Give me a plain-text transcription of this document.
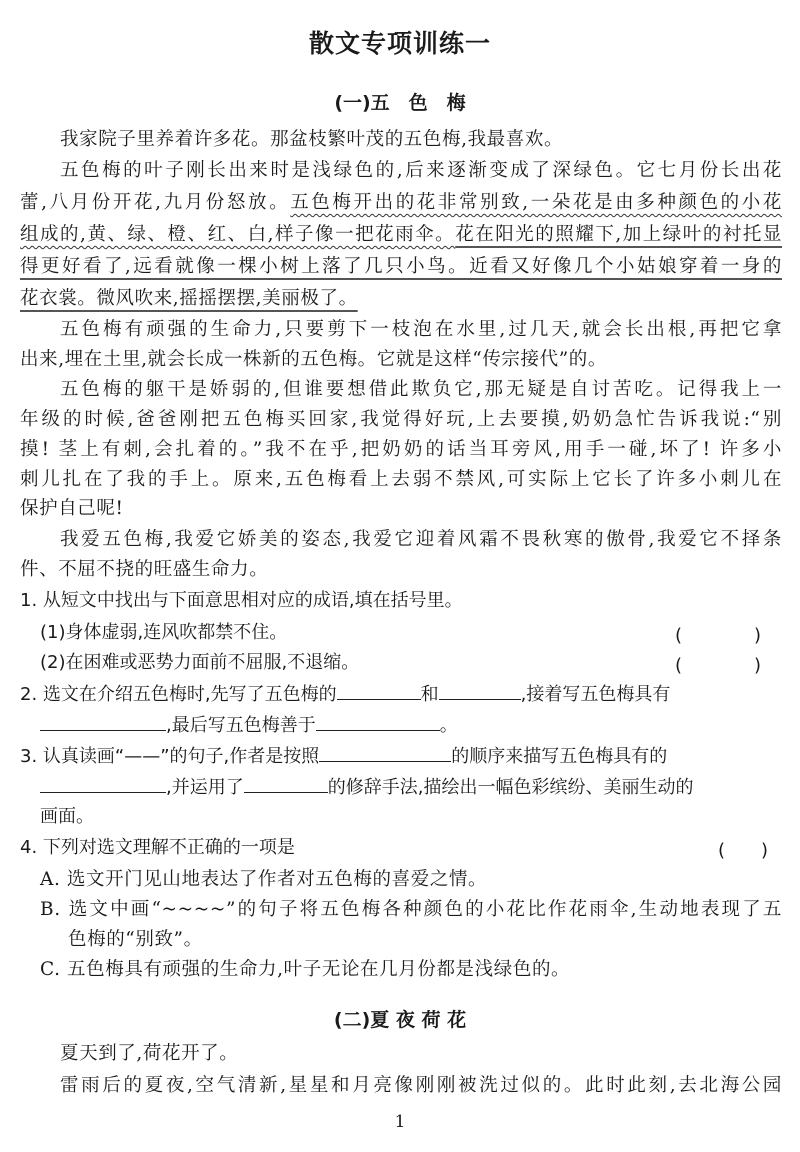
散文专项训练一
(一)五　色　梅
我家院子里养着许多花。那盆枝繁叶茂的五色梅,我最喜欢。
五色梅的叶子刚长出来时是浅绿色的,后来逐渐变成了深绿色。它七月份长出花
蕾,八月份开花,九月份怒放。五色梅开出的花非常别致,一朵花是由多种颜色的小花
组成的,黄、绿、橙、红、白,样子像一把花雨伞。花在阳光的照耀下,加上绿叶的衬托显
得更好看了,远看就像一棵小树上落了几只小鸟。近看又好像几个小姑娘穿着一身的
花衣裳。微风吹来,摇摇摆摆,美丽极了。
五色梅有顽强的生命力,只要剪下一枝泡在水里,过几天,就会长出根,再把它拿
出来,埋在土里,就会长成一株新的五色梅。它就是这样“传宗接代”的。
五色梅的躯干是娇弱的,但谁要想借此欺负它,那无疑是自讨苦吃。记得我上一
年级的时候,爸爸刚把五色梅买回家,我觉得好玩,上去要摸,奶奶急忙告诉我说:“别
摸! 茎上有刺,会扎着的。”我不在乎,把奶奶的话当耳旁风,用手一碰,坏了! 许多小
刺儿扎在了我的手上。原来,五色梅看上去弱不禁风,可实际上它长了许多小刺儿在
保护自己呢!
我爱五色梅,我爱它娇美的姿态,我爱它迎着风霜不畏秋寒的傲骨,我爱它不择条
件、不屈不挠的旺盛生命力。
1. 从短文中找出与下面意思相对应的成语,填在括号里。
(1)身体虚弱,连风吹都禁不住。	(　　　　)
(2)在困难或恶势力面前不屈服,不退缩。	(　　　　)
2. 选文在介绍五色梅时,先写了五色梅的	和	,接着写五色梅具有
,最后写五色梅善于	。
3. 认真读画“——”的句子,作者是按照	的顺序来描写五色梅具有的
,并运用了	的修辞手法,描绘出一幅色彩缤纷、美丽生动的
画面。
4. 下列对选文理解不正确的一项是	(　　)
A. 选文开门见山地表达了作者对五色梅的喜爱之情。
B. 选文中画“~~~~”的句子将五色梅各种颜色的小花比作花雨伞,生动地表现了五
色梅的“别致”。
C. 五色梅具有顽强的生命力,叶子无论在几月份都是浅绿色的。
(二)夏 夜 荷 花
夏天到了,荷花开了。
雷雨后的夏夜,空气清新,星星和月亮像刚刚被洗过似的。此时此刻,去北海公园
1
